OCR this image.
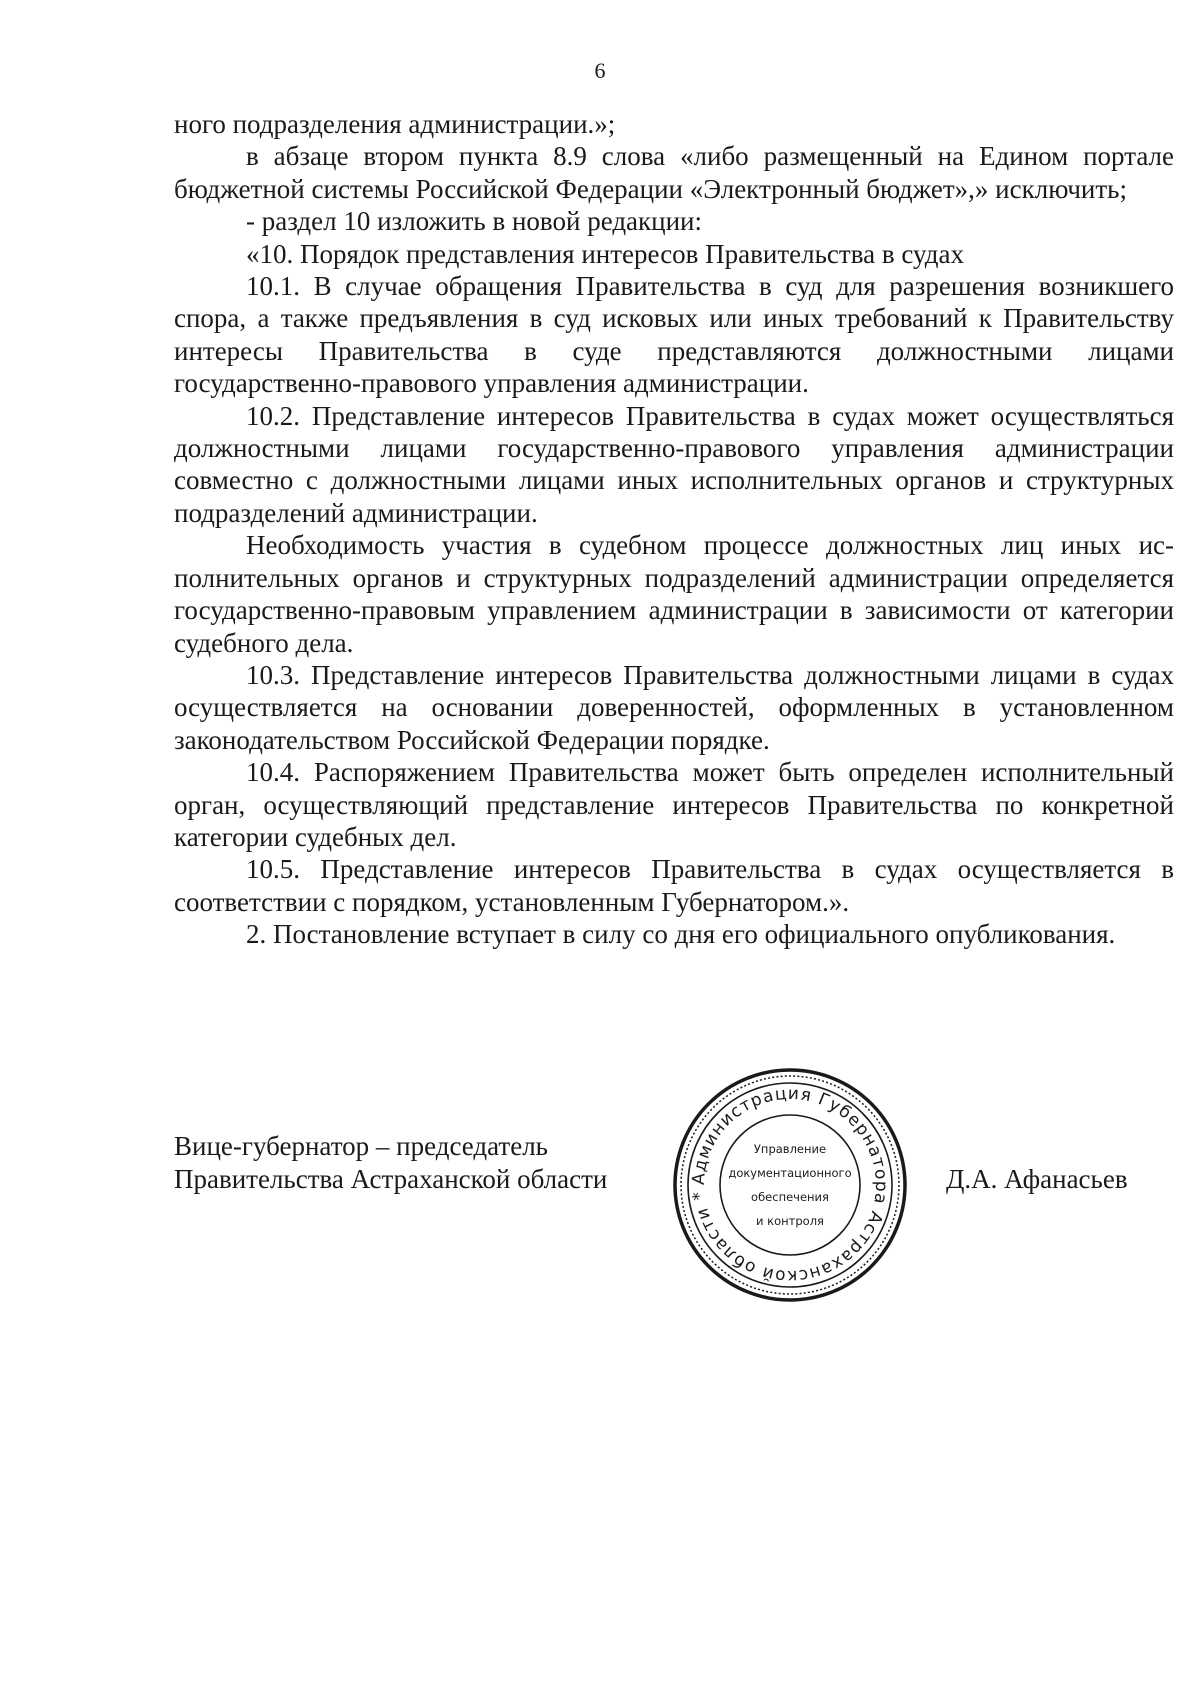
6

ного подразделения администрации.»;

в абзаце втором пункта 8.9 слова «либо размещенный на Едином портале бюджетной системы Российской Федерации «Электронный бюджет»,» исключить;

- раздел 10 изложить в новой редакции:

«10. Порядок представления интересов Правительства в судах

10.1. В случае обращения Правительства в суд для разрешения возникшего спора, а также предъявления в суд исковых или иных требований к Правительству интересы Правительства в суде представляются должностными лицами государственно-правового управления администрации.

10.2. Представление интересов Правительства в судах может осуществляться должностными лицами государственно-правового управления администрации совместно с должностными лицами иных исполнительных органов и структурных подразделений администрации.

Необходимость участия в судебном процессе должностных лиц иных исполнительных органов и структурных подразделений администрации определяется государственно-правовым управлением администрации в зависимости от категории судебного дела.

10.3. Представление интересов Правительства должностными лицами в судах осуществляется на основании доверенностей, оформленных в установленном законодательством Российской Федерации порядке.

10.4. Распоряжением Правительства может быть определен исполнительный орган, осуществляющий представление интересов Правительства по конкретной категории судебных дел.

10.5. Представление интересов Правительства в судах осуществляется в соответствии с порядком, установленным Губернатором.».

2. Постановление вступает в силу со дня его официального опубликования.

Вице-губернатор – председатель
Правительства Астраханской области	Администрация Губернатора Астраханской области *
Управление
документационного
обеспечения
и контроля
Д.А. Афанасьев
